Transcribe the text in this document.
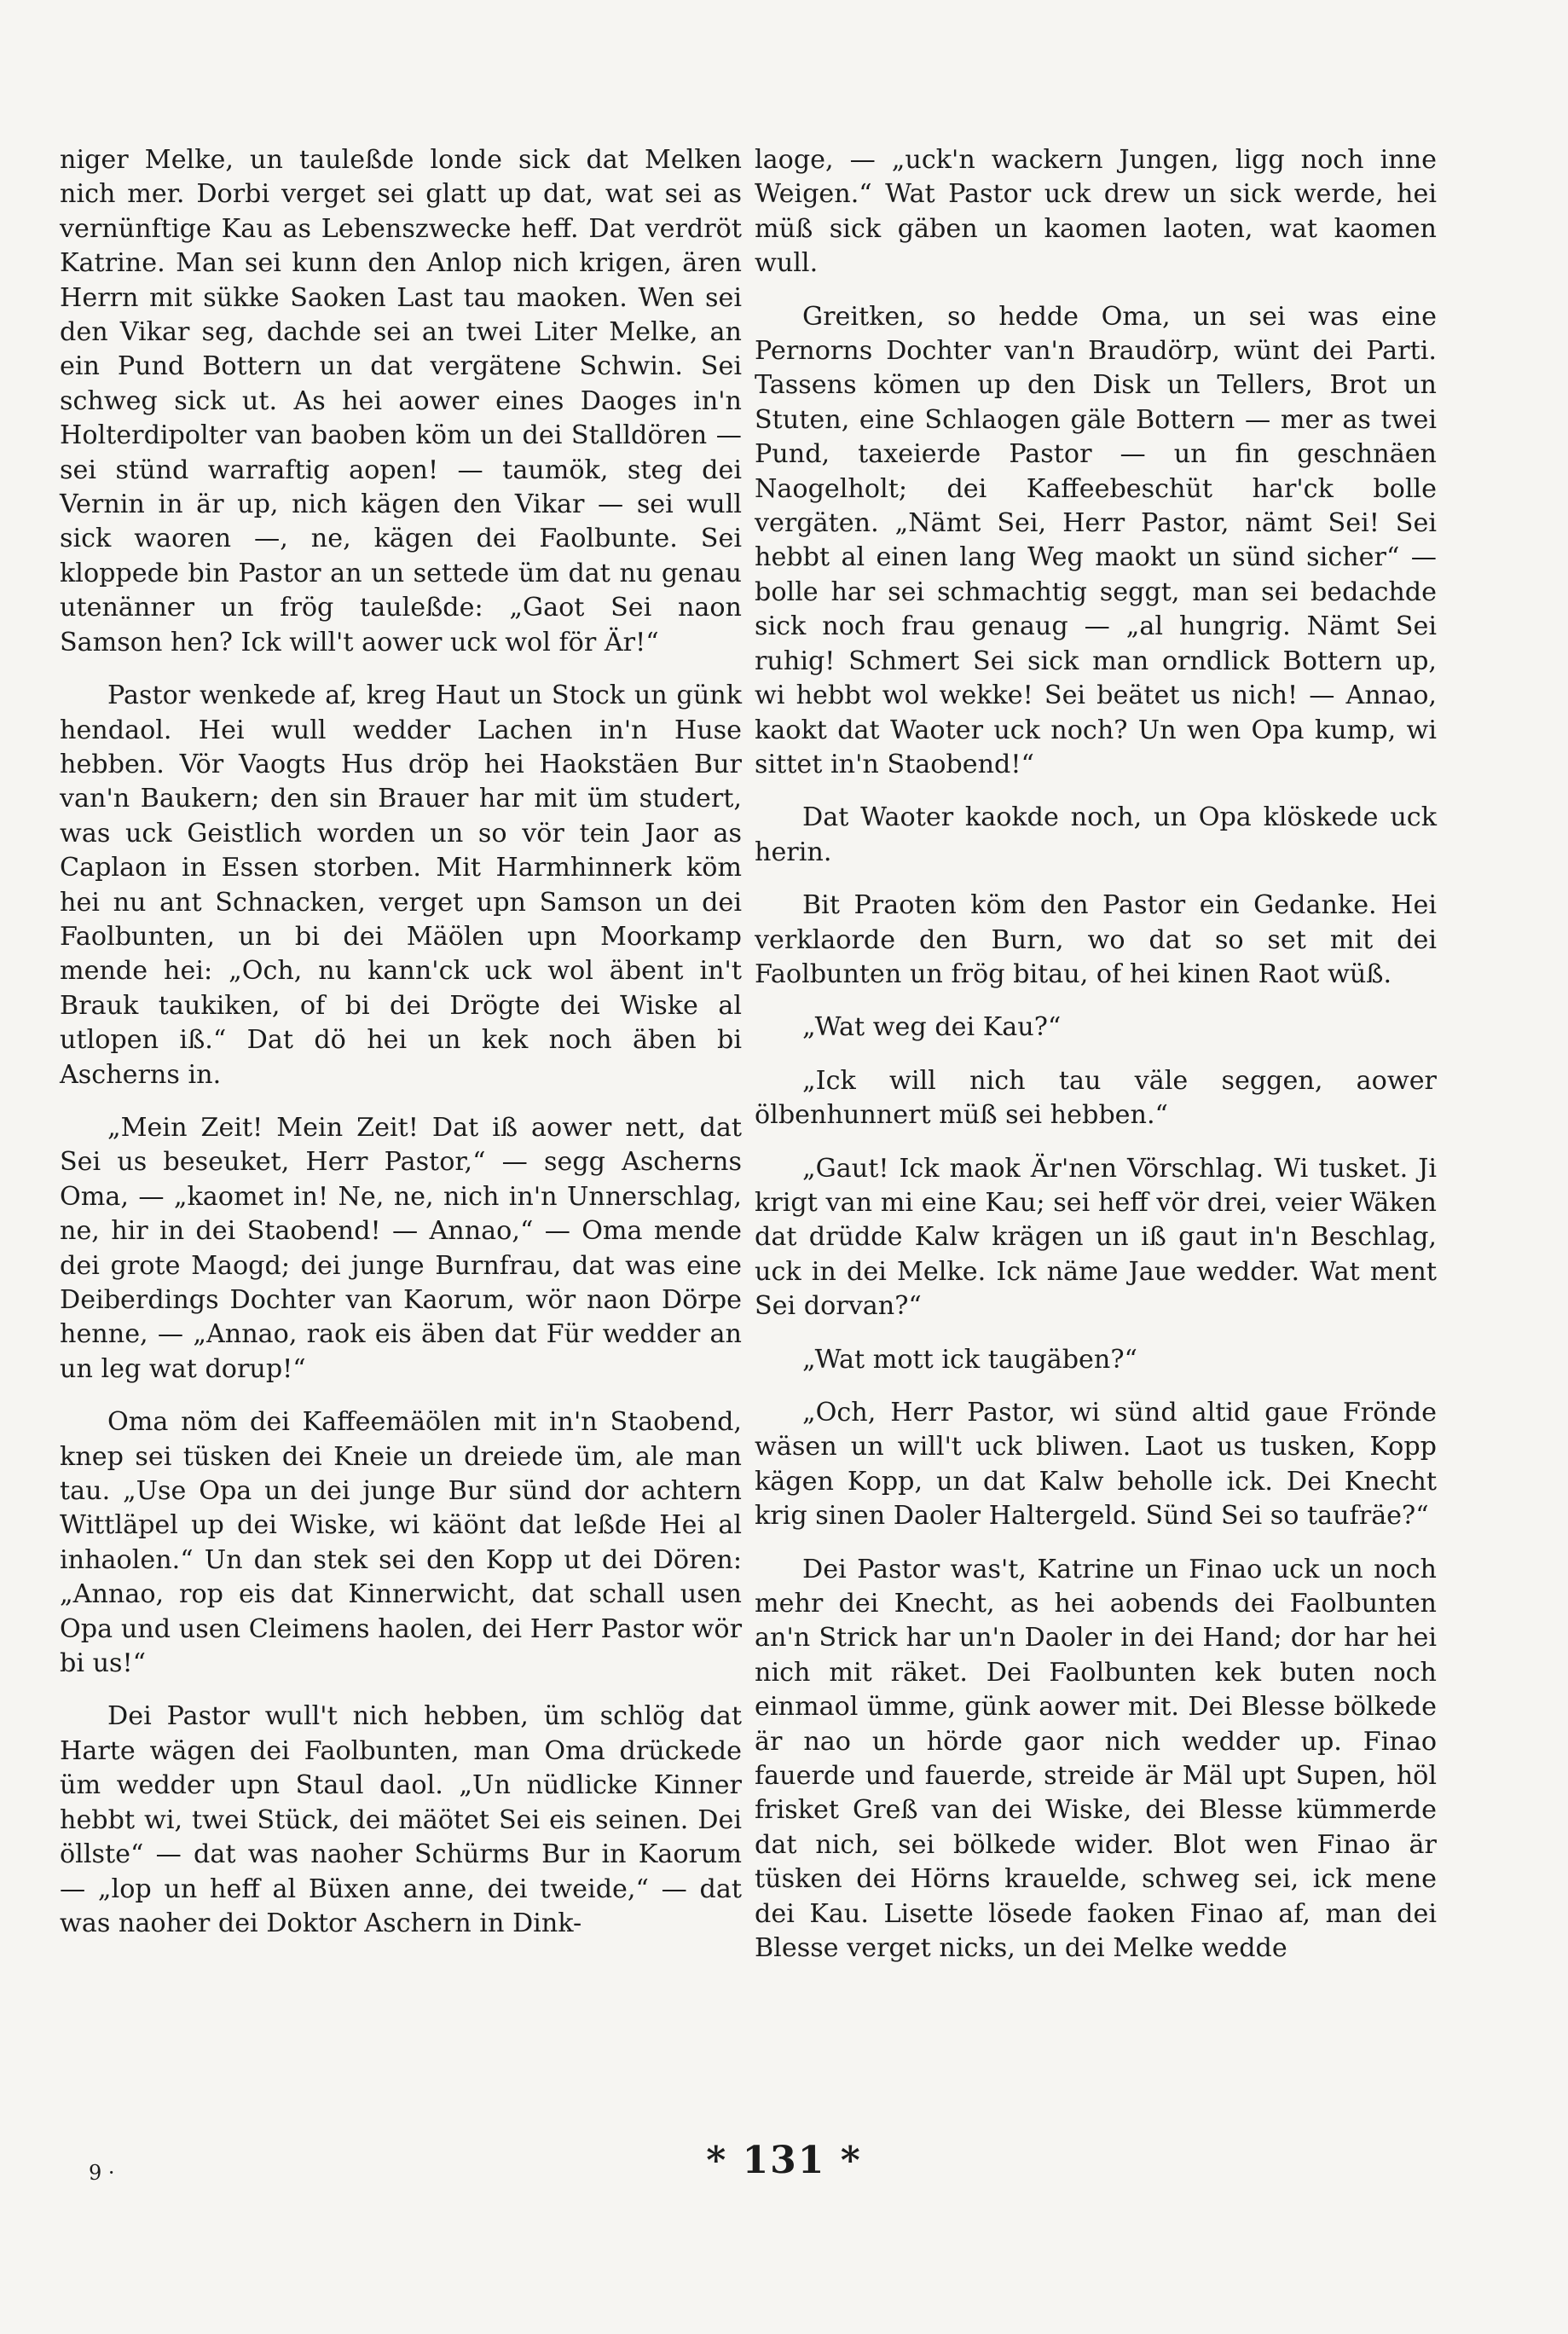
niger Melke, un tauleßde londe sick dat Melken nich mer. Dorbi verget sei glatt up dat, wat sei as vernünftige Kau as Lebenszwecke heff. Dat verdröt Katrine. Man sei kunn den Anlop nich krigen, ären Herrn mit sükke Saoken Last tau maoken. Wen sei den Vikar seg, dachde sei an twei Liter Melke, an ein Pund Bottern un dat vergätene Schwin. Sei schweg sick ut. As hei aower eines Daoges in'n Holterdipolter van baoben köm un dei Stalldören — sei stünd warraftig aopen! — taumök, steg dei Vernin in är up, nich kägen den Vikar — sei wull sick waoren —, ne, kägen dei Faolbunte. Sei kloppede bin Pastor an un settede üm dat nu genau utenänner un frög tauleßde: „Gaot Sei naon Samson hen? Ick will't aower uck wol för Är!“

Pastor wenkede af, kreg Haut un Stock un günk hendaol. Hei wull wedder Lachen in'n Huse hebben. Vör Vaogts Hus dröp hei Haokstäen Bur van'n Baukern; den sin Brauer har mit üm studert, was uck Geistlich worden un so vör tein Jaor as Caplaon in Essen storben. Mit Harmhinnerk köm hei nu ant Schnacken, verget upn Samson un dei Faolbunten, un bi dei Mäölen upn Moorkamp mende hei: „Och, nu kann'ck uck wol äbent in't Brauk taukiken, of bi dei Drögte dei Wiske al utlopen iß.“ Dat dö hei un kek noch äben bi Ascherns in.

„Mein Zeit! Mein Zeit! Dat iß aower nett, dat Sei us beseuket, Herr Pastor,“ — segg Ascherns Oma, — „kaomet in! Ne, ne, nich in'n Unnerschlag, ne, hir in dei Staobend! — Annao,“ — Oma mende dei grote Maogd; dei junge Burnfrau, dat was eine Deiberdings Dochter van Kaorum, wör naon Dörpe henne, — „Annao, raok eis äben dat Für wedder an un leg wat dorup!“

Oma nöm dei Kaffeemäölen mit in'n Staobend, knep sei tüsken dei Kneie un dreiede üm, ale man tau. „Use Opa un dei junge Bur sünd dor achtern Wittläpel up dei Wiske, wi käönt dat leßde Hei al inhaolen.“ Un dan stek sei den Kopp ut dei Dören: „Annao, rop eis dat Kinnerwicht, dat schall usen Opa und usen Cleimens haolen, dei Herr Pastor wör bi us!“

Dei Pastor wull't nich hebben, üm schlög dat Harte wägen dei Faolbunten, man Oma drückede üm wedder upn Staul daol. „Un nüdlicke Kinner hebbt wi, twei Stück, dei mäötet Sei eis seinen. Dei öllste“ — dat was naoher Schürms Bur in Kaorum — „lop un heff al Büxen anne, dei tweide,“ — dat was naoher dei Doktor Aschern in Dink-

laoge, — „uck'n wackern Jungen, ligg noch inne Weigen.“ Wat Pastor uck drew un sick werde, hei müß sick gäben un kaomen laoten, wat kaomen wull.

Greitken, so hedde Oma, un sei was eine Pernorns Dochter van'n Braudörp, wünt dei Parti. Tassens kömen up den Disk un Tellers, Brot un Stuten, eine Schlaogen gäle Bottern — mer as twei Pund, taxeierde Pastor — un fin geschnäen Naogelholt; dei Kaffeebeschüt har'ck bolle vergäten. „Nämt Sei, Herr Pastor, nämt Sei! Sei hebbt al einen lang Weg maokt un sünd sicher“ — bolle har sei schmachtig seggt, man sei bedachde sick noch frau genaug — „al hungrig. Nämt Sei ruhig! Schmert Sei sick man orndlick Bottern up, wi hebbt wol wekke! Sei beätet us nich! — Annao, kaokt dat Waoter uck noch? Un wen Opa kump, wi sittet in'n Staobend!“

Dat Waoter kaokde noch, un Opa klöskede uck herin.

Bit Praoten köm den Pastor ein Gedanke. Hei verklaorde den Burn, wo dat so set mit dei Faolbunten un frög bitau, of hei kinen Raot wüß.

„Wat weg dei Kau?“

„Ick will nich tau väle seggen, aower ölbenhunnert müß sei hebben.“

„Gaut! Ick maok Är'nen Vörschlag. Wi tusket. Ji krigt van mi eine Kau; sei heff vör drei, veier Wäken dat drüdde Kalw krägen un iß gaut in'n Beschlag, uck in dei Melke. Ick näme Jaue wedder. Wat ment Sei dorvan?“

„Wat mott ick taugäben?“

„Och, Herr Pastor, wi sünd altid gaue Frönde wäsen un will't uck bliwen. Laot us tusken, Kopp kägen Kopp, un dat Kalw beholle ick. Dei Knecht krig sinen Daoler Haltergeld. Sünd Sei so taufräe?“

Dei Pastor was't, Katrine un Finao uck un noch mehr dei Knecht, as hei aobends dei Faolbunten an'n Strick har un'n Daoler in dei Hand; dor har hei nich mit räket. Dei Faolbunten kek buten noch einmaol ümme, günk aower mit. Dei Blesse bölkede är nao un hörde gaor nich wedder up. Finao fauerde und fauerde, streide är Mäl upt Supen, höl frisket Greß van dei Wiske, dei Blesse kümmerde dat nich, sei bölkede wider. Blot wen Finao är tüsken dei Hörns krauelde, schweg sei, ick mene dei Kau. Lisette lösede faoken Finao af, man dei Blesse verget nicks, un dei Melke wedde

9 ·	* 131 *
